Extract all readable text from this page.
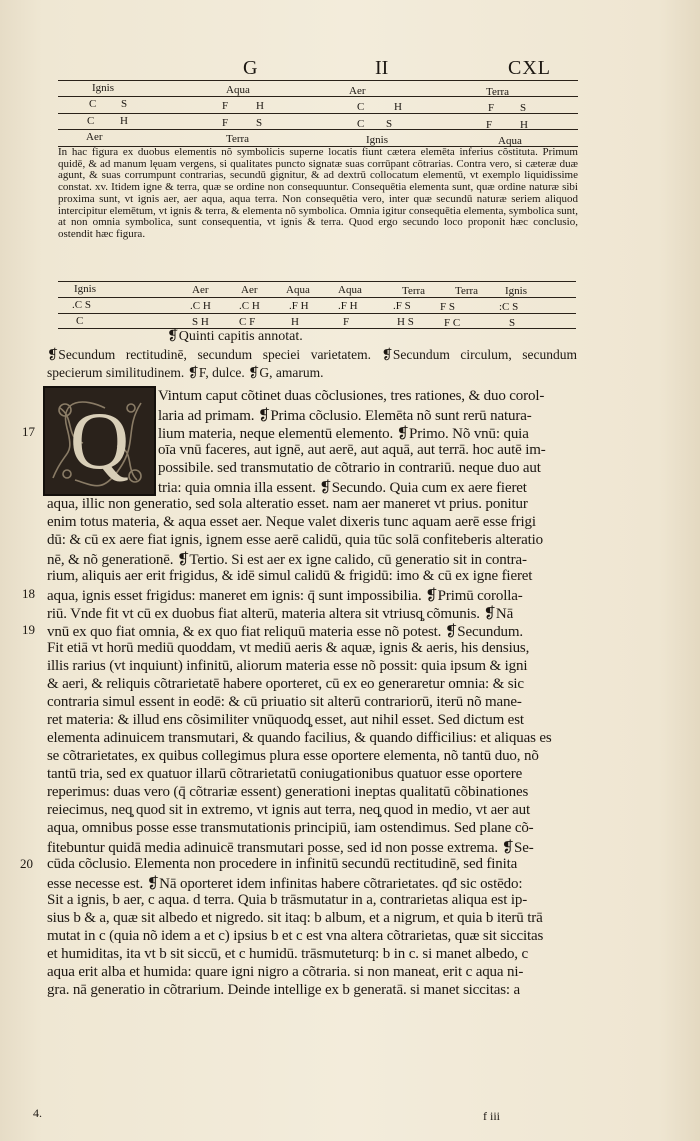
G	II	CXL
Ignis	Aqua	Aer	Terra
C S	F	H	C	H	F S
C H	F	S	C S	F	H
Aer	Terra	Ignis	Aqua
In hac figura ex duobus elementis nõ symbolicis superne locatis fiunt cætera elemēta inferius cõstituta. Primum quidē, & ad manum lęuam vergens, si qualitates puncto signatæ suas corrūpant cõtrarias. Contra vero, si cæteræ duæ agunt, & suas corrumpunt contrarias, secundū gignitur, & ad dextrū collocatum elementū, vt exemplo liquidissime constat. xv. Itidem igne & terra, quæ se ordine non consequuntur. Consequētia elementa sunt, quæ ordine naturæ sibi proxima sunt, vt ignis aer, aer aqua, aqua terra. Non consequētia vero, inter quæ secundū naturæ seriem aliquod intercipitur elemētum, vt ignis & terra, & elementa nõ symbolica. Omnia igitur consequētia elementa, symbolica sunt, at non omnia symbolica, sunt consequentia, vt ignis & terra. Quod ergo secundo loco proponit hæc conclusio, ostendit hæc figura.
Ignis	Aer	Aer	Aqua	Aqua	Terra	Terra Ignis
.C S	.C H	.C H	.F H	.F H	.F S	F S	:C S
C	S H	C F	H	F	H S	F C	S
❡Quinti capitis annotat.
❡Secundum rectitudinē, secundum speciei varietatem. ❡Secundum circulum, secundum specierum similitudinem. ❡F, dulce. ❡G, amarum.
Q	Vintum caput cõtinet duas cõclusiones, tres rationes, & duo corol-
laria ad primam. ❡Prima cõclusio. Elemēta nõ sunt rerū natura-
lium materia, neque elementū elemento. ❡Primo. Nõ vnū: quia
oīa vnū faceres, aut ignē, aut aerē, aut aquā, aut terrā. hoc autē im-
possibile. sed transmutatio de cõtrario in contrariū. neque duo aut
tria: quia omnia illa essent. ❡Secundo. Quia cum ex aere fieret
aqua, illic non generatio, sed sola alteratio esset. nam aer maneret vt prius. ponitur
enim totus materia, & aqua esset aer. Neque valet dixeris tunc aquam aerē esse frigi
dū: & cū ex aere fiat ignis, ignem esse aerē calidū, quia tūc solā confiteberis alteratio
nē, & nõ generationē. ❡Tertio. Si est aer ex igne calido, cū generatio sit in contra-
rium, aliquis aer erit frigidus, & idē simul calidū & frigidū: imo & cū ex igne fieret
aqua, ignis esset frigidus: maneret em ignis: q̄ sunt impossibilia. ❡Primū corolla-
riū. Vnde fit vt cū ex duobus fiat alterū, materia altera sit vtriusq̧ cõmunis. ❡Nā
vnū ex quo fiat omnia, & ex quo fiat reliquū materia esse nõ potest. ❡Secundum.
Fit etiā vt horū mediū quoddam, vt mediū aeris & aquæ, ignis & aeris, his densius,
illis rarius (vt inquiunt) infinitū, aliorum materia esse nõ possit: quia ipsum & igni
& aeri, & reliquis cõtrarietatē habere oporteret, cū ex eo generaretur omnia: & sic
contraria simul essent in eodē: & cū priuatio sit alterū contrariorū, iterū nõ mane-
ret materia: & illud ens cõsimiliter vnūquodq̧ esset, aut nihil esset. Sed dictum est
elementa adinuicem transmutari, & quando facilius, & quando difficilius: et aliquas es
se cõtrarietates, ex quibus collegimus plura esse oportere elementa, nõ tantū duo, nõ
tantū tria, sed ex quatuor illarū cõtrarietatū coniugationibus quatuor esse oportere
reperimus: duas vero (q̄ cõtrariæ essent) generationi ineptas qualitatū cõbinationes
reiecimus, neq̧ quod sit in extremo, vt ignis aut terra, neq̧ quod in medio, vt aer aut
aqua, omnibus posse esse transmutationis principiū, iam ostendimus. Sed plane cõ-
fitebuntur quidā media adinuicē transmutari posse, sed id non posse extrema. ❡Se-
cūda cõclusio. Elementa non procedere in infinitū secundū rectitudinē, sed finita
esse necesse est. ❡Nā oporteret idem infinitas habere cõtrarietates. qđ sic ostēdo:
Sit a ignis, b aer, c aqua. d terra. Quia b trāsmutatur in a, contrarietas aliqua est ip-
sius b & a, quæ sit albedo et nigredo. sit itaq: b album, et a nigrum, et quia b iterū trā
mutat in c (quia nõ idem a et c) ipsius b et c est vna altera cõtrarietas, quæ sit siccitas
et humiditas, ita vt b sit siccū, et c humidū. trāsmuteturq: b in c. si manet albedo, c
aqua erit alba et humida: quare igni nigro a cõtraria. si non maneat, erit c aqua ni-
gra. nā generatio in cõtrarium. Deinde intellige ex b generatā. si manet siccitas: a
17
18
19
20
4.	f iii
